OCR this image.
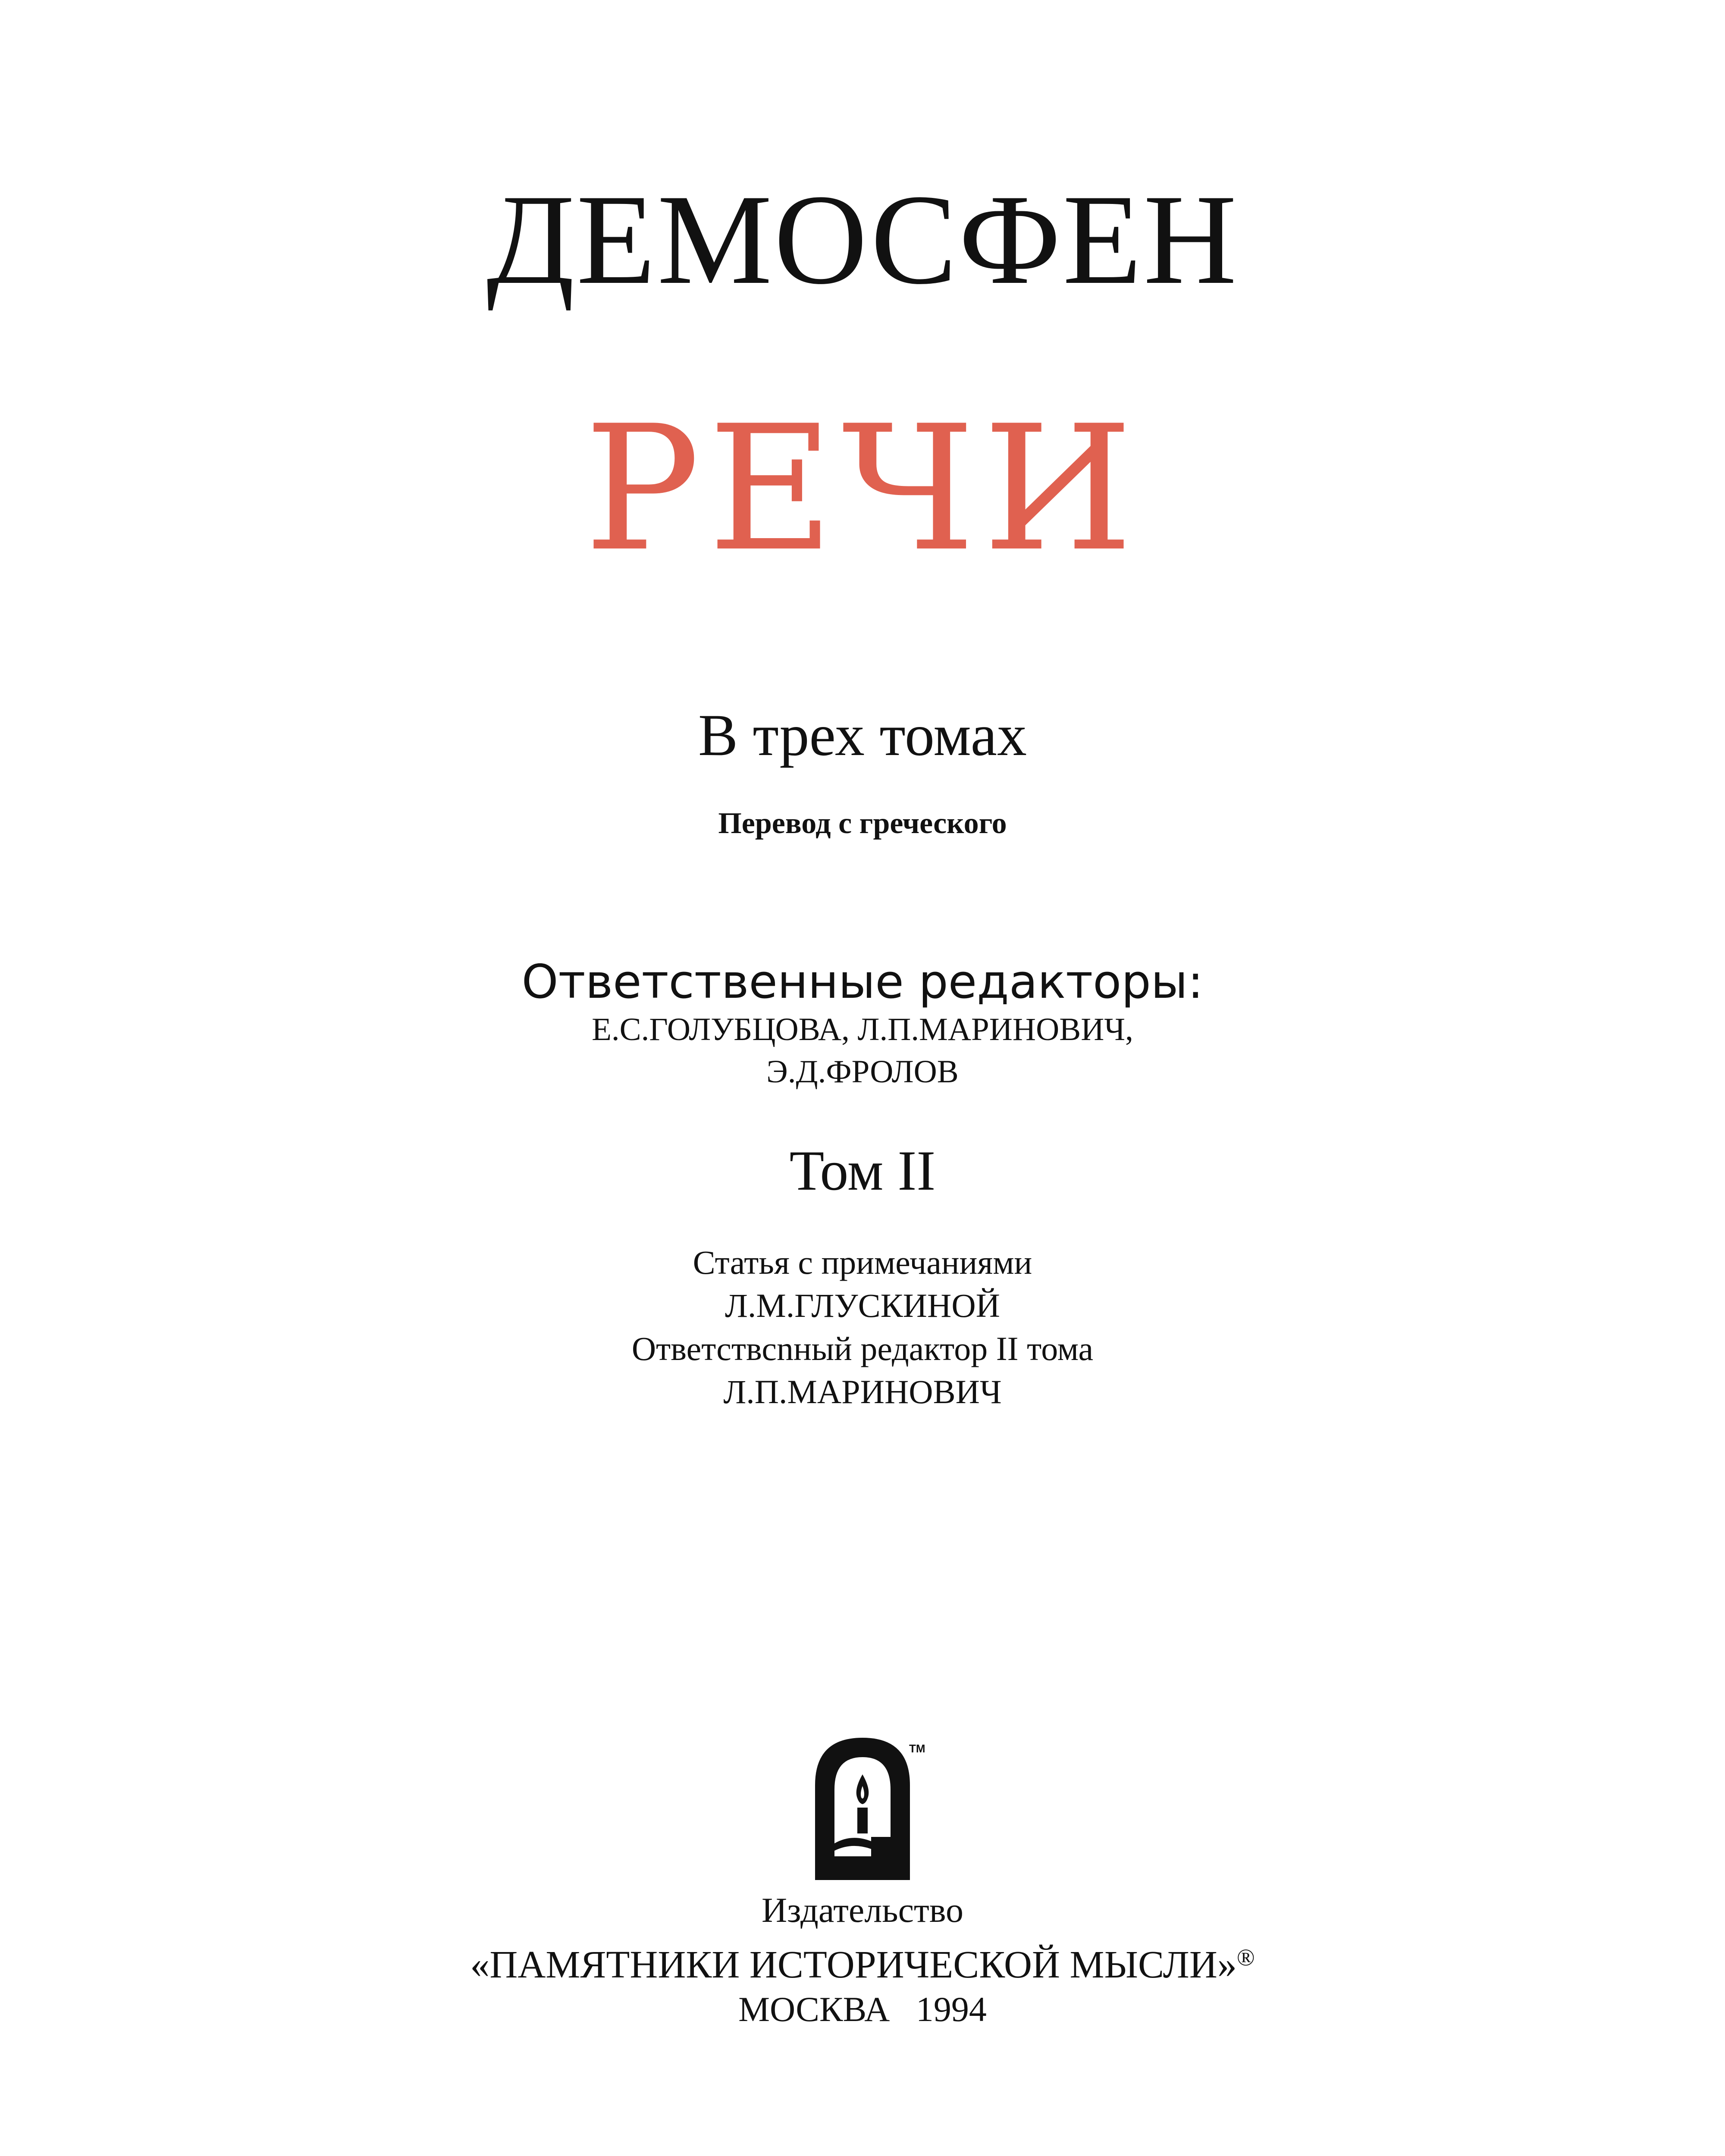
ДЕМОСФЕН
РЕЧИ
В трех томах
Перевод с греческого
Ответственные редакторы:
Е.С.ГОЛУБЦОВА, Л.П.МАРИНОВИЧ,
Э.Д.ФРОЛОВ
Том II
Статья с примечаниями
Л.М.ГЛУСКИНОЙ
Ответствсnный редактор II тома
Л.П.МАРИНОВИЧ
TM
Издательство
«ПАМЯТНИКИ ИСТОРИЧЕСКОЙ МЫСЛИ»®
МОСКВА 1994
